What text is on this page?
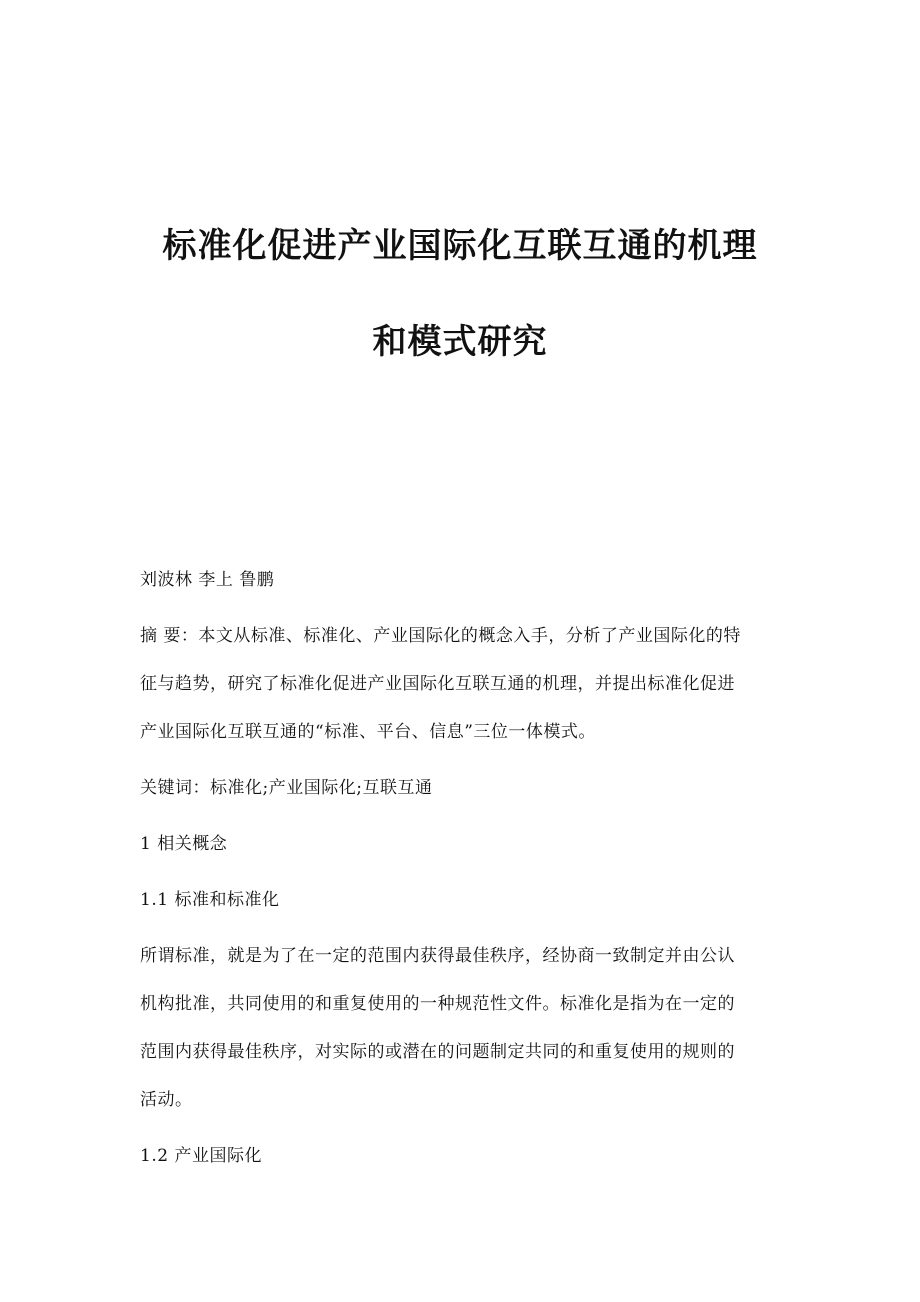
标准化促进产业国际化互联互通的机理
和模式研究

刘波林 李上 鲁鹏

摘 要：本文从标准、标准化、产业国际化的概念入手，分析了产业国际化的特

征与趋势，研究了标准化促进产业国际化互联互通的机理，并提出标准化促进

产业国际化互联互通的“标准、平台、信息”三位一体模式。

关键词：标准化;产业国际化;互联互通

1 相关概念

1.1 标准和标准化

所谓标准，就是为了在一定的范围内获得最佳秩序，经协商一致制定并由公认

机构批准，共同使用的和重复使用的一种规范性文件。标准化是指为在一定的

范围内获得最佳秩序，对实际的或潜在的问题制定共同的和重复使用的规则的

活动。

1.2 产业国际化
